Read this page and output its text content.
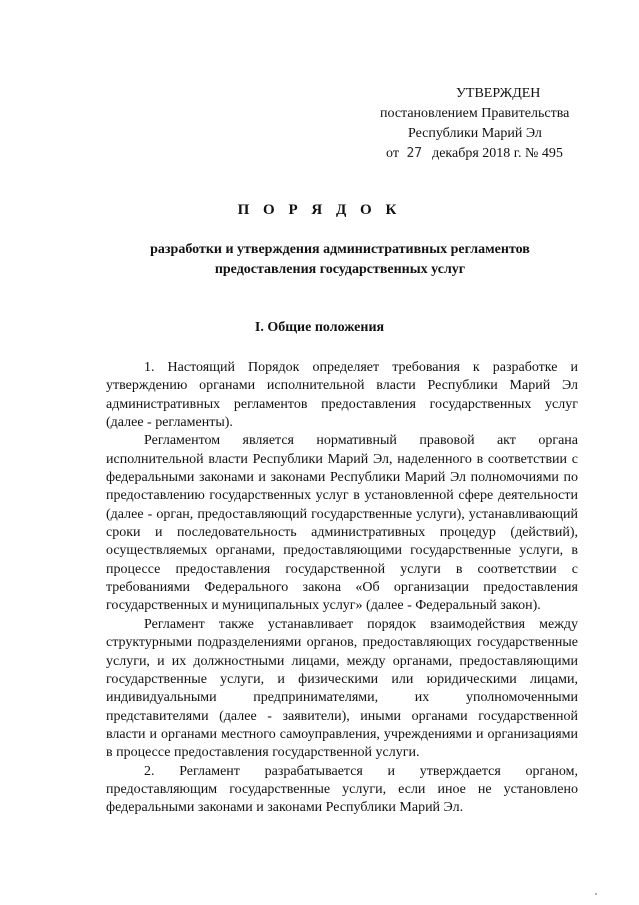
УТВЕРЖДЕН
постановлением Правительства
Республики Марий Эл
от 27 декабря 2018 г. № 495
П О Р Я Д О К
разработки и утверждения административных регламентов
предоставления государственных услуг
I. Общие положения

1. Настоящий Порядок определяет требования к разработке и утверждению органами исполнительной власти Республики Марий Эл административных регламентов предоставления государственных услуг (далее - регламенты).

Регламентом является нормативный правовой акт органа исполнительной власти Республики Марий Эл, наделенного в соответствии с федеральными законами и законами Республики Марий Эл полномочиями по предоставлению государственных услуг в установленной сфере деятельности (далее - орган, предоставляющий государственные услуги), устанавливающий сроки и последовательность административных процедур (действий), осуществляемых органами, предоставляющими государственные услуги, в процессе предоставления государственной услуги в соответствии с требованиями Федерального закона «Об организации предоставления государственных и муниципальных услуг» (далее - Федеральный закон).

Регламент также устанавливает порядок взаимодействия между структурными подразделениями органов, предоставляющих государственные услуги, и их должностными лицами, между органами, предоставляющими государственные услуги, и физическими или юридическими лицами, индивидуальными предпринимателями, их уполномоченными представителями (далее - заявители), иными органами государственной власти и органами местного самоуправления, учреждениями и организациями в процессе предоставления государственной услуги.

2. Регламент разрабатывается и утверждается органом, предоставляющим государственные услуги, если иное не установлено федеральными законами и законами Республики Марий Эл.
